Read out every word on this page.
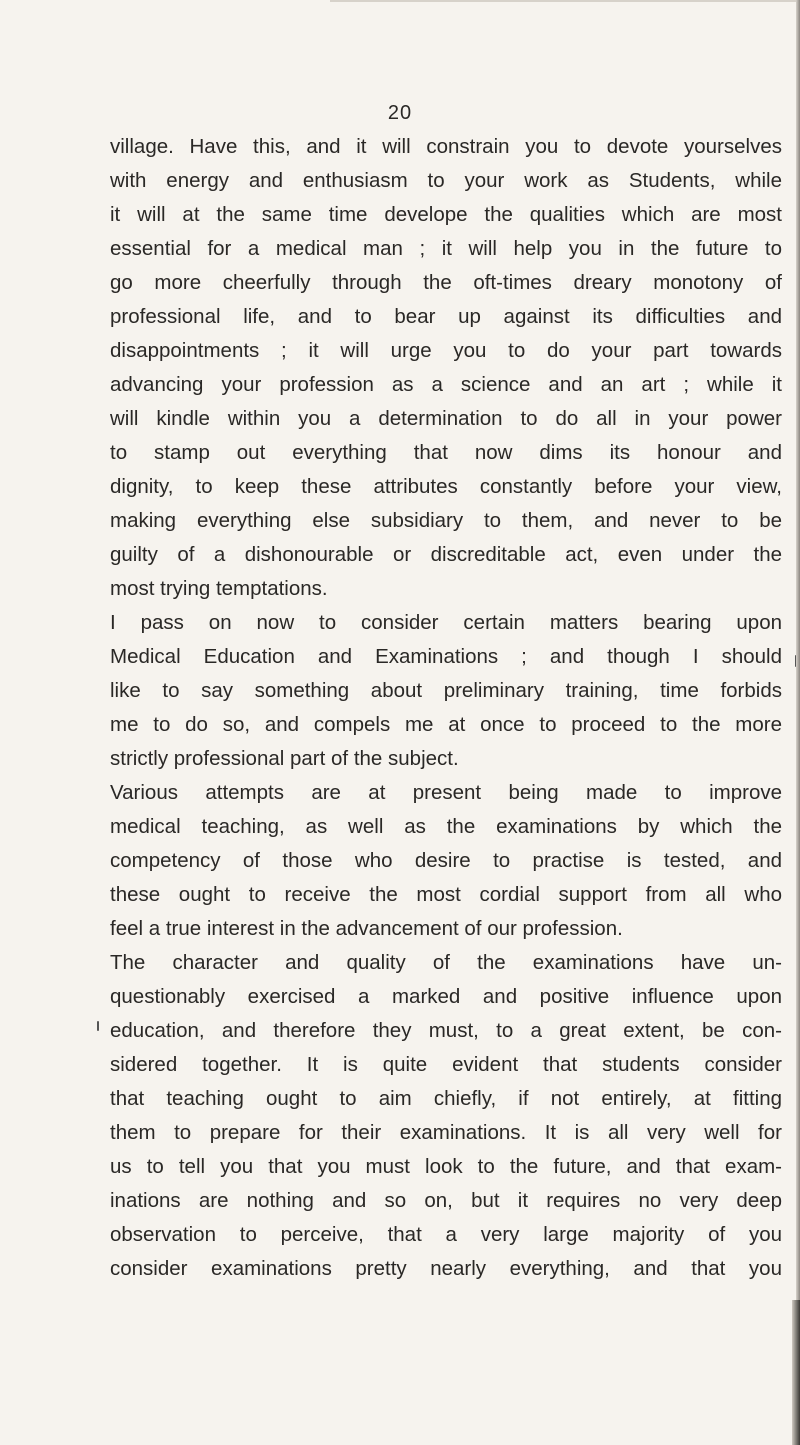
20
village. Have this, and it will constrain you to devote yourselves
with energy and enthusiasm to your work as Students, while
it will at the same time develope the qualities which are most
essential for a medical man ; it will help you in the future to
go more cheerfully through the oft-times dreary monotony of
professional life, and to bear up against its difficulties and
disappointments ; it will urge you to do your part towards
advancing your profession as a science and an art ; while it
will kindle within you a determination to do all in your power
to stamp out everything that now dims its honour and
dignity, to keep these attributes constantly before your view,
making everything else subsidiary to them, and never to be
guilty of a dishonourable or discreditable act, even under the
most trying temptations.
I pass on now to consider certain matters bearing upon
Medical Education and Examinations ; and though I should
like to say something about preliminary training, time forbids
me to do so, and compels me at once to proceed to the more
strictly professional part of the subject.
Various attempts are at present being made to improve
medical teaching, as well as the examinations by which the
competency of those who desire to practise is tested, and
these ought to receive the most cordial support from all who
feel a true interest in the advancement of our profession.
The character and quality of the examinations have un-
questionably exercised a marked and positive influence upon
education, and therefore they must, to a great extent, be con-
sidered together. It is quite evident that students consider
that teaching ought to aim chiefly, if not entirely, at fitting
them to prepare for their examinations. It is all very well for
us to tell you that you must look to the future, and that exam-
inations are nothing and so on, but it requires no very deep
observation to perceive, that a very large majority of you
consider examinations pretty nearly everything, and that you
